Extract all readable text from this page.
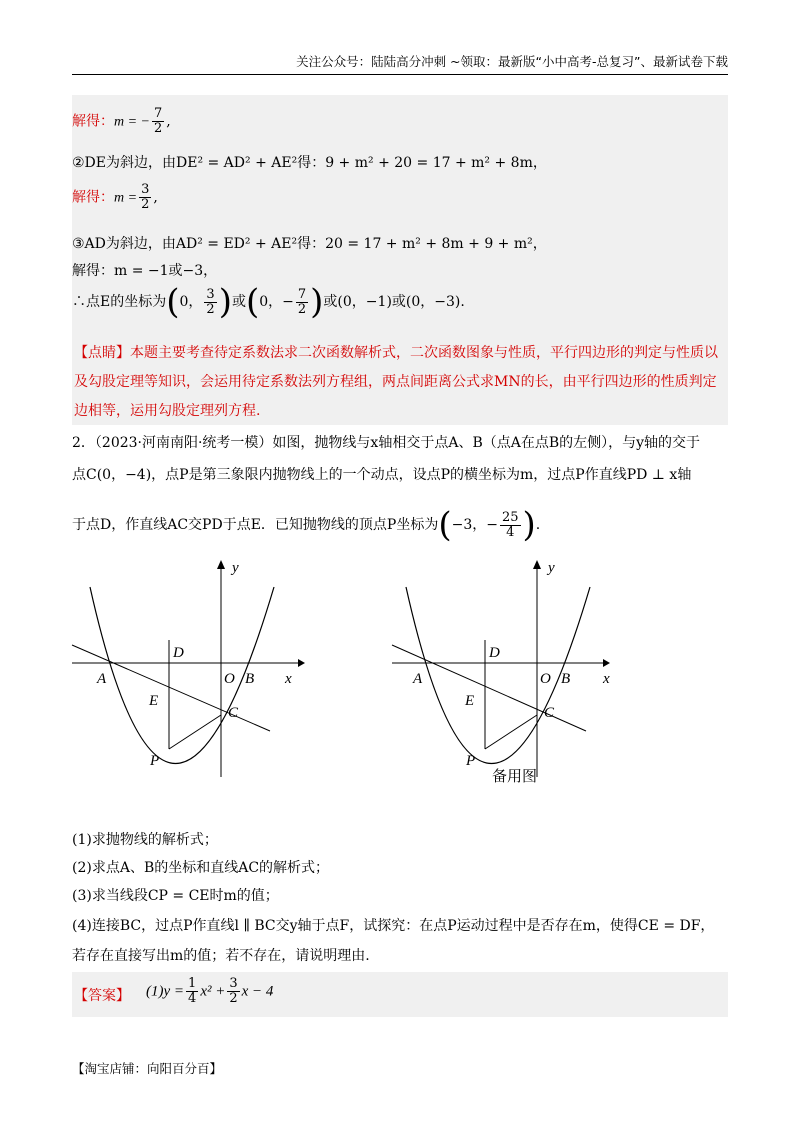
关注公众号：陆陆高分冲刺 ~领取：最新版“小中高考-总复习”、最新试卷下载
解得：m = − $\frac{7}{2}$ ,
②DE为斜边，由DE² = AD² + AE²得：9 + m² + 20 = 17 + m² + 8m，
解得：$m = \frac{3}{2}$ ,
③AD为斜边，由AD² = ED² + AE²得：20 = 17 + m² + 8m + 9 + m²，
解得：m = −1或−3，
∴点E的坐标为(0， $\frac{3}{2}$ )或(0，− $\frac{7}{2}$ )或(0，−1)或(0，−3).
【点睛】本题主要考查待定系数法求二次函数解析式，二次函数图象与性质，平行四边形的判定与性质以及勾股定理等知识，会运用待定系数法列方程组，两点间距离公式求MN的长，由平行四边形的性质判定边相等，运用勾股定理列方程.
2．（2023·河南南阳·统考一模）如图，抛物线与x轴相交于点A、B（点A在点B的左侧），与y轴的交于
点C(0，−4)，点P是第三象限内抛物线上的一个动点，设点P的横坐标为m，过点P作直线PD ⊥ x轴
于点D，作直线AC交PD于点E．已知抛物线的顶点P坐标为(−3，− $\frac{25}{4}$ ).
y
x
D
A	O B
E
C
P
y
x
D
A	O B
E
C
P
备用图
(1)求抛物线的解析式；
(2)求点A、B的坐标和直线AC的解析式；
(3)求当线段CP = CE时m的值；
(4)连接BC，过点P作直线l ∥ BC交y轴于点F，试探究：在点P运动过程中是否存在m，使得CE = DF，
若存在直接写出m的值；若不存在，请说明理由.
【答案】 $(1)y = \frac{1}{4} x^2 + \frac{3}{2}$ x − 4
【淘宝店铺：向阳百分百】
